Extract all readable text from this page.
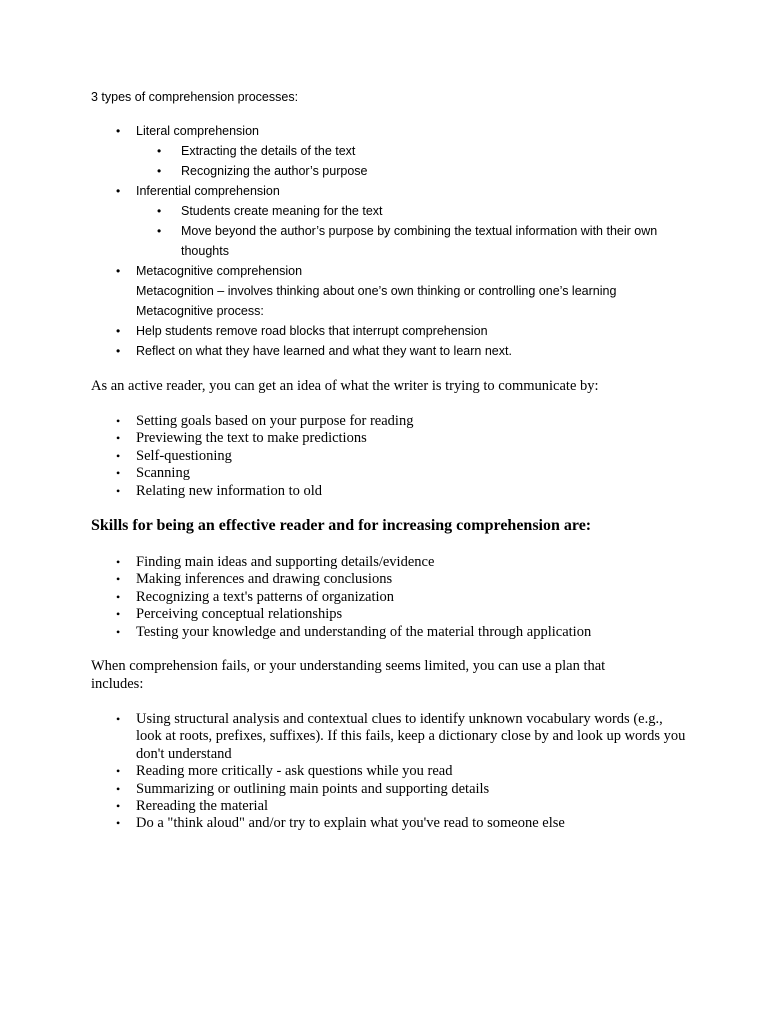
3 types of comprehension processes:
• Literal comprehension
• Extracting the details of the text
• Recognizing the author’s purpose
• Inferential comprehension
• Students create meaning for the text
• Move beyond the author’s purpose by combining the textual information with their own thoughts
• Metacognitive comprehension
Metacognition – involves thinking about one’s own thinking or controlling one’s learning
Metacognitive process:
• Help students remove road blocks that interrupt comprehension
• Reflect on what they have learned and what they want to learn next.
As an active reader, you can get an idea of what the writer is trying to communicate by:
• Setting goals based on your purpose for reading
• Previewing the text to make predictions
• Self-questioning
• Scanning
• Relating new information to old
Skills for being an effective reader and for increasing comprehension are:
• Finding main ideas and supporting details/evidence
• Making inferences and drawing conclusions
• Recognizing a text's patterns of organization
• Perceiving conceptual relationships
• Testing your knowledge and understanding of the material through application
When comprehension fails, or your understanding seems limited, you can use a plan that includes:
• Using structural analysis and contextual clues to identify unknown vocabulary words (e.g., look at roots, prefixes, suffixes). If this fails, keep a dictionary close by and look up words you don't understand
• Reading more critically - ask questions while you read
• Summarizing or outlining main points and supporting details
• Rereading the material
• Do a "think aloud" and/or try to explain what you've read to someone else
